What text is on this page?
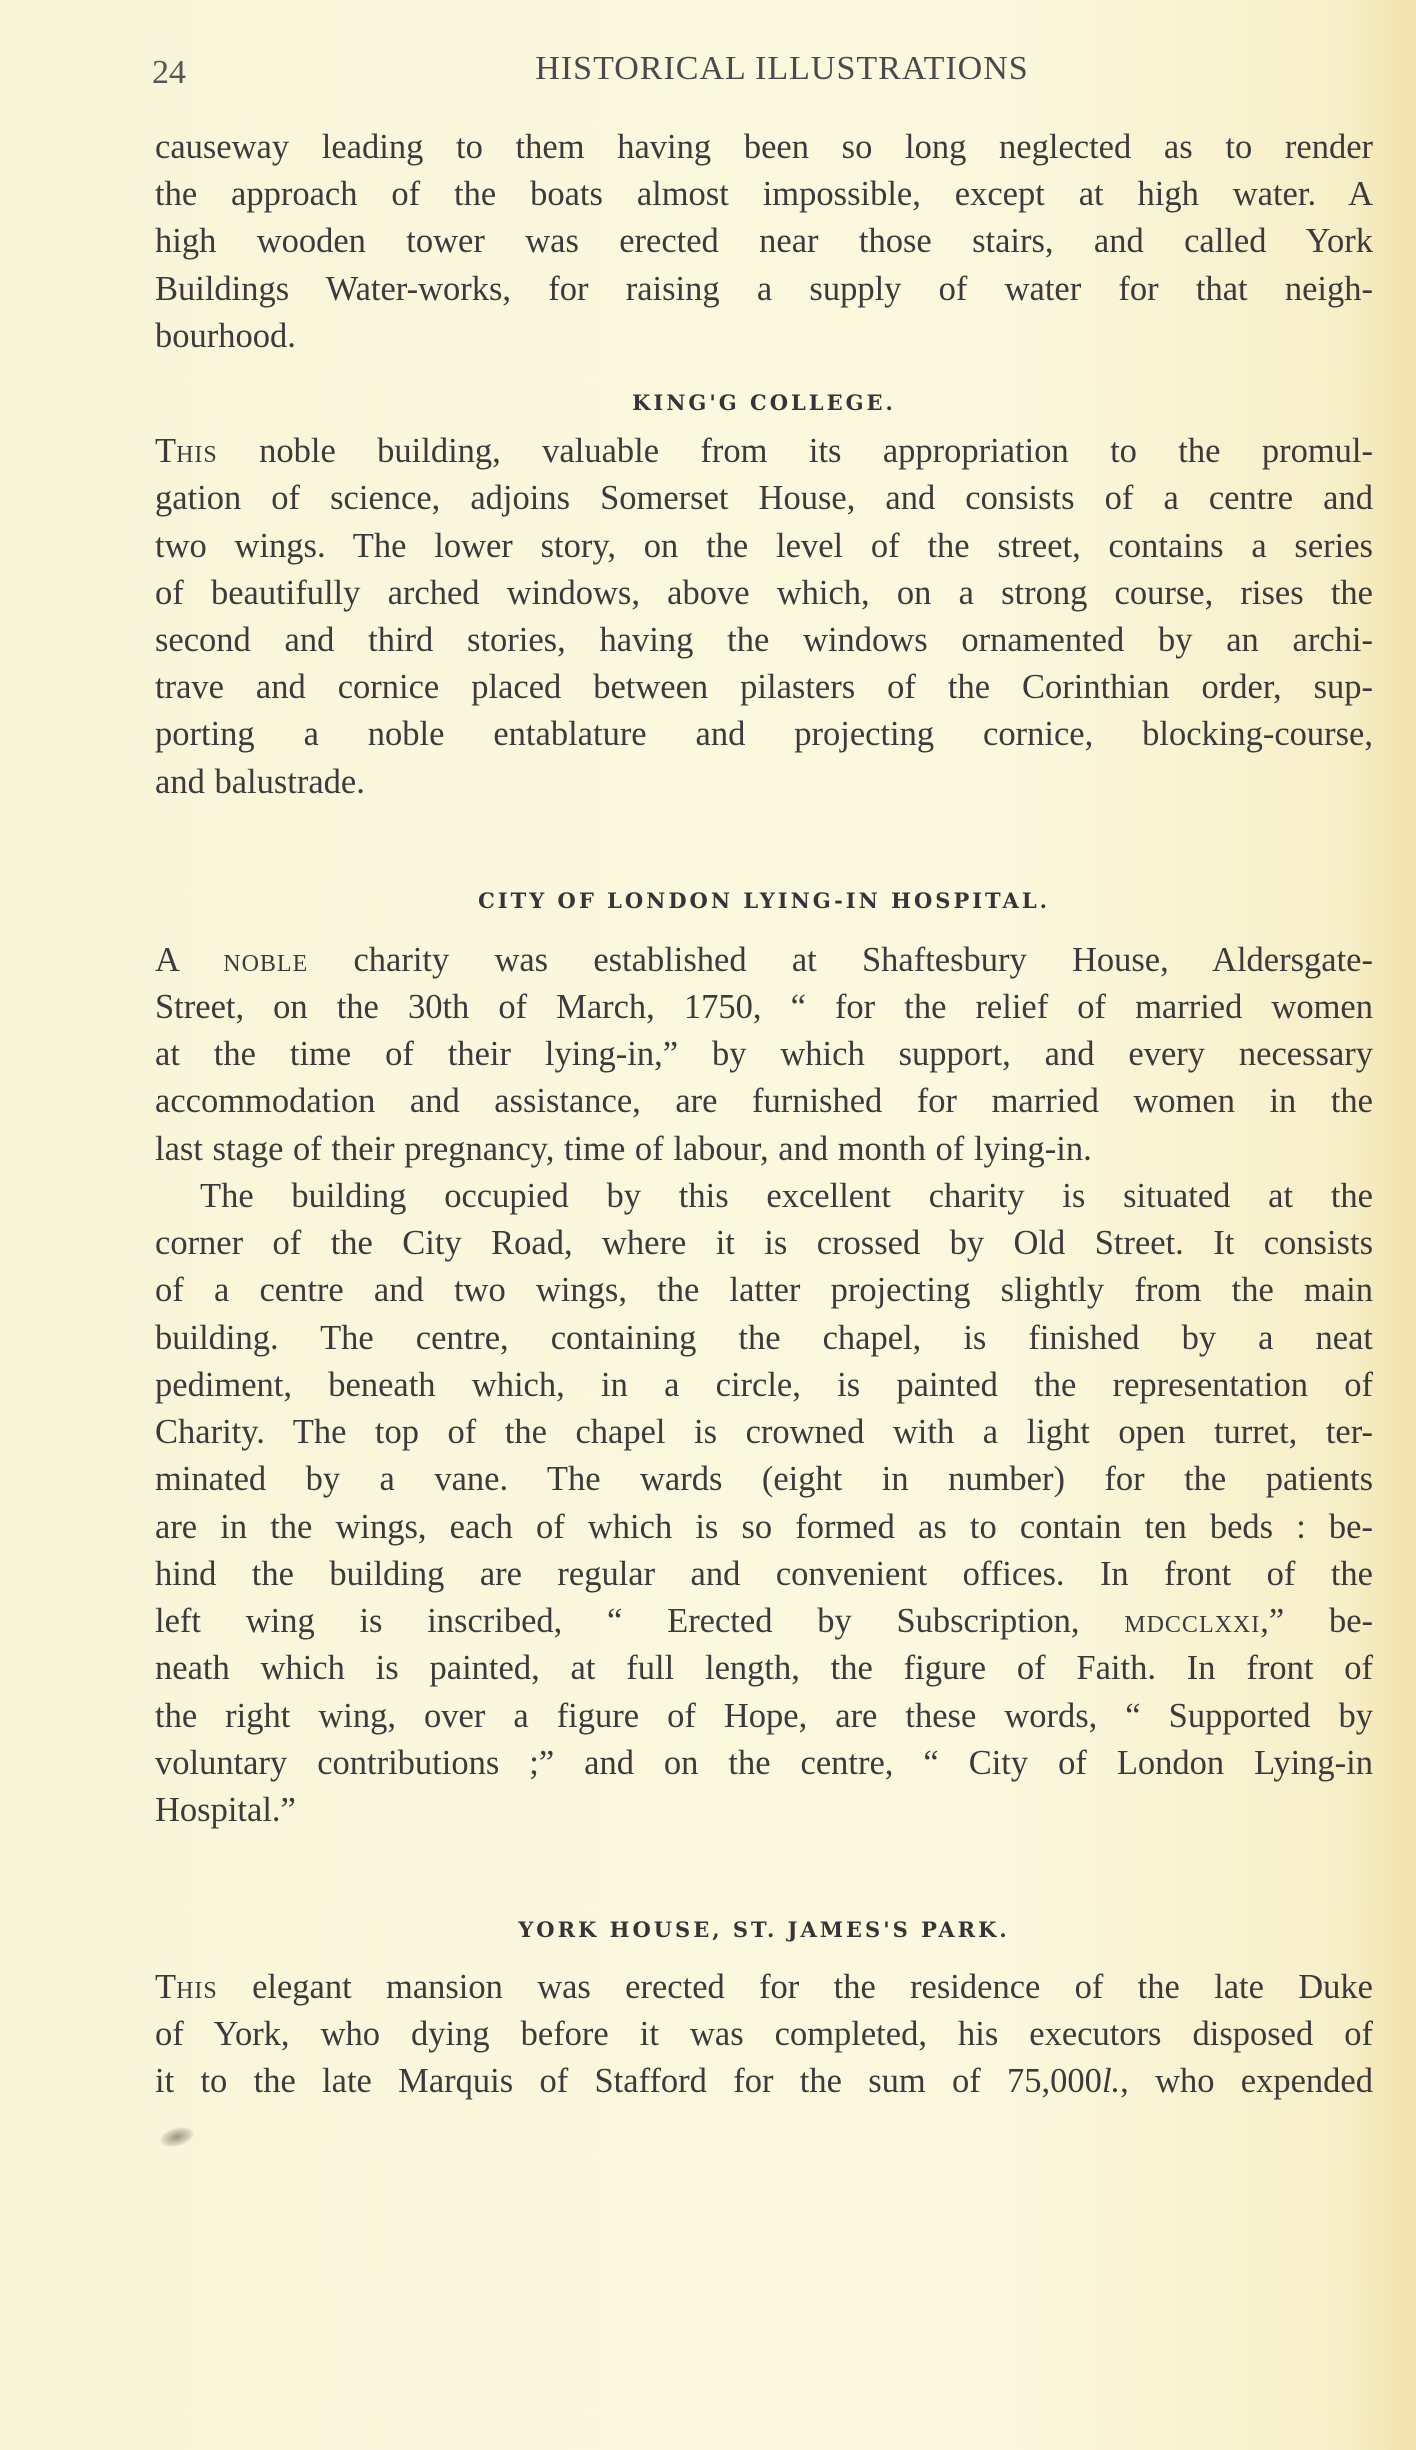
24	HISTORICAL ILLUSTRATIONS
causeway leading to them having been so long neglected as to render
the approach of the boats almost impossible, except at high water. A
high wooden tower was erected near those stairs, and called York
Buildings Water-works, for raising a supply of water for that neigh-
bourhood.
KING'G COLLEGE.
This noble building, valuable from its appropriation to the promul-
gation of science, adjoins Somerset House, and consists of a centre and
two wings. The lower story, on the level of the street, contains a series
of beautifully arched windows, above which, on a strong course, rises the
second and third stories, having the windows ornamented by an archi-
trave and cornice placed between pilasters of the Corinthian order, sup-
porting a noble entablature and projecting cornice, blocking-course,
and balustrade.
CITY OF LONDON LYING-IN HOSPITAL.
A noble charity was established at Shaftesbury House, Aldersgate-
Street, on the 30th of March, 1750, “ for the relief of married women
at the time of their lying-in,” by which support, and every necessary
accommodation and assistance, are furnished for married women in the
last stage of their pregnancy, time of labour, and month of lying-in.
The building occupied by this excellent charity is situated at the
corner of the City Road, where it is crossed by Old Street. It consists
of a centre and two wings, the latter projecting slightly from the main
building. The centre, containing the chapel, is finished by a neat
pediment, beneath which, in a circle, is painted the representation of
Charity. The top of the chapel is crowned with a light open turret, ter-
minated by a vane. The wards (eight in number) for the patients
are in the wings, each of which is so formed as to contain ten beds : be-
hind the building are regular and convenient offices. In front of the
left wing is inscribed, “ Erected by Subscription, mdcclxxi,” be-
neath which is painted, at full length, the figure of Faith. In front of
the right wing, over a figure of Hope, are these words, “ Supported by
voluntary contributions ;” and on the centre, “ City of London Lying-in
Hospital.”
YORK HOUSE, ST. JAMES'S PARK.
This elegant mansion was erected for the residence of the late Duke
of York, who dying before it was completed, his executors disposed of
it to the late Marquis of Stafford for the sum of 75,000l., who expended
